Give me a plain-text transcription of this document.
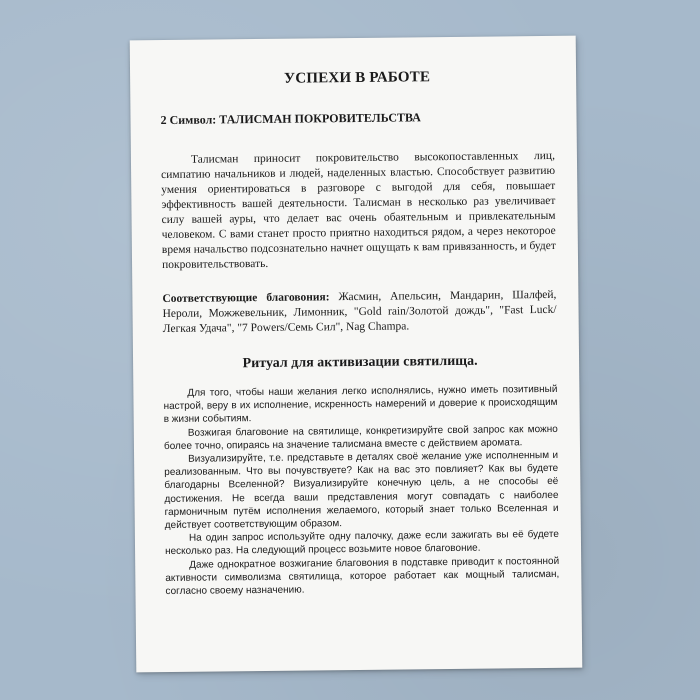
УСПЕХИ В РАБОТЕ
2 Символ: ТАЛИСМАН ПОКРОВИТЕЛЬСТВА

Талисман приносит покровительство высокопоставленных лиц, симпатию начальников и людей, наделенных властью. Способствует развитию умения ориентироваться в разговоре с выгодой для себя, повышает эффективность вашей деятельности. Талисман в несколько раз увеличивает силу вашей ауры, что делает вас очень обаятельным и привлекательным человеком. С вами станет просто приятно находиться рядом, а через некоторое время начальство подсознательно начнет ощущать к вам привязанность, и будет покровительствовать.

Соответствующие благовония: Жасмин, Апельсин, Мандарин, Шалфей, Нероли, Можжевельник, Лимонник, "Gold rain/Золотой дождь", "Fast Luck/Легкая Удача", "7 Powers/Семь Сил", Nag Champa.

Ритуал для активизации святилища.

Для того, чтобы наши желания легко исполнялись, нужно иметь позитивный настрой, веру в их исполнение, искренность намерений и доверие к происходящим в жизни событиям.

Возжигая благовоние на святилище, конкретизируйте свой запрос как можно более точно, опираясь на значение талисмана вместе с действием аромата.

Визуализируйте, т.е. представьте в деталях своё желание уже исполненным и реализованным. Что вы почувствуете? Как на вас это повлияет? Как вы будете благодарны Вселенной? Визуализируйте конечную цель, а не способы её достижения. Не всегда ваши представления могут совпадать с наиболее гармоничным путём исполнения желаемого, который знает только Вселенная и действует соответствующим образом.

На один запрос используйте одну палочку, даже если зажигать вы её будете несколько раз. На следующий процесс возьмите новое благовоние.

Даже однократное возжигание благовония в подставке приводит к постоянной активности символизма святилища, которое работает как мощный талисман, согласно своему назначению.
